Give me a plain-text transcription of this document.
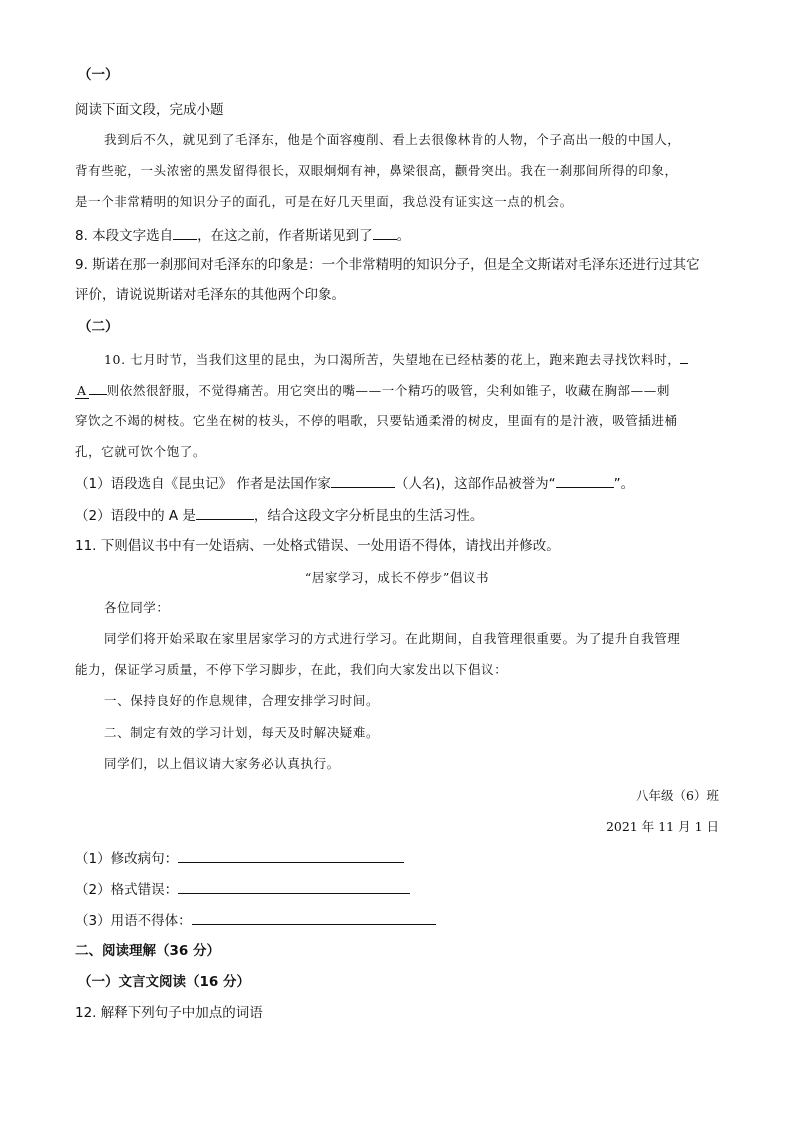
（一）
阅读下面文段，完成小题
我到后不久，就见到了毛泽东，他是个面容瘦削、看上去很像林肯的人物，个子高出一般的中国人，
背有些驼，一头浓密的黑发留得很长，双眼炯炯有神，鼻梁很高，颧骨突出。我在一刹那间所得的印象，
是一个非常精明的知识分子的面孔，可是在好几天里面，我总没有证实这一点的机会。
8. 本段文字选自 ，在这之前，作者斯诺见到了 。
9. 斯诺在那一刹那间对毛泽东的印象是：一个非常精明的知识分子，但是全文斯诺对毛泽东还进行过其它
评价，请说说斯诺对毛泽东的其他两个印象。
（二）
10. 七月时节，当我们这里的昆虫，为口渴所苦，失望地在已经枯萎的花上，跑来跑去寻找饮料时，
A 则依然很舒服，不觉得痛苦。用它突出的嘴——一个精巧的吸管，尖利如锥子，收藏在胸部——刺
穿饮之不竭的树枝。它坐在树的枝头，不停的唱歌，只要钻通柔滑的树皮，里面有的是汁液，吸管插进桶
孔，它就可饮个饱了。
（1）语段选自《昆虫记》 作者是法国作家	（人名)，这部作品被誉为“	”。
（2）语段中的 A 是	，结合这段文字分析昆虫的生活习性。
11. 下则倡议书中有一处语病、一处格式错误、一处用语不得体，请找出并修改。
“居家学习，成长不停步”倡议书
各位同学：
同学们将开始采取在家里居家学习的方式进行学习。在此期间，自我管理很重要。为了提升自我管理
能力，保证学习质量，不停下学习脚步，在此，我们向大家发出以下倡议：
一、保持良好的作息规律，合理安排学习时间。
二、制定有效的学习计划，每天及时解决疑难。
同学们，以上倡议请大家务必认真执行。
八年级（6）班
2021 年 11 月 1 日
（1）修改病句：
（2）格式错误：
（3）用语不得体：
二、阅读理解（36 分）
（一）文言文阅读（16 分）
12. 解释下列句子中加点的词语
